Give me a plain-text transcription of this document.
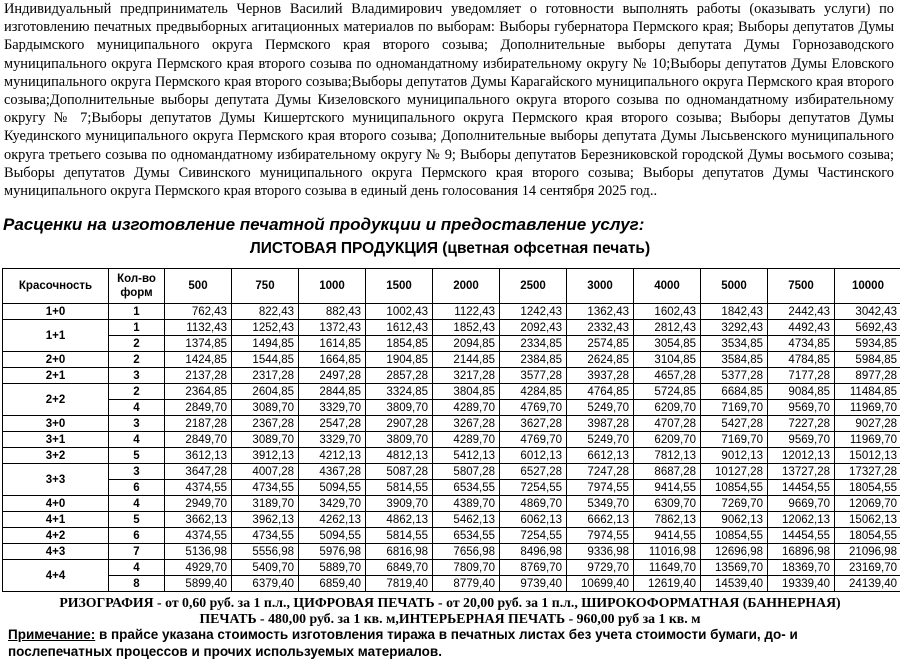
Индивидуальный предприниматель Чернов Василий Владимирович уведомляет о готовности выполнять работы (оказывать услуги) по изготовлению печатных предвыборных агитационных материалов по выборам: Выборы губернатора Пермского края; Выборы депутатов Думы Бардымского муниципального округа Пермского края второго созыва; Дополнительные выборы депутата Думы Горнозаводского муниципального округа Пермского края второго созыва по одномандатному избирательному округу № 10;Выборы депутатов Думы Еловского муниципального округа Пермского края второго созыва;Выборы депутатов Думы Карагайского муниципального округа Пермского края второго созыва;Дополнительные выборы депутата Думы Кизеловского муниципального округа второго созыва по одномандатному избирательному округу № 7;Выборы депутатов Думы Кишертского муниципального округа Пермского края второго созыва; Выборы депутатов Думы Куединского муниципального округа Пермского края второго созыва; Дополнительные выборы депутата Думы Лысьвенского муниципального округа третьего созыва по одномандатному избирательному округу № 9; Выборы депутатов Березниковской городской Думы восьмого созыва; Выборы депутатов Думы Сивинского муниципального округа Пермского края второго созыва; Выборы депутатов Думы Частинского муниципального округа Пермского края второго созыва в единый день голосования 14 сентября 2025 год..
Расценки на изготовление печатной продукции и предоставление услуг:
ЛИСТОВАЯ ПРОДУКЦИЯ (цветная офсетная печать)
Красочность	Кол-во форм	500	750	1000	1500	2000	2500	3000	4000	5000	7500	10000
1+0	1	762,43	822,43	882,43	1002,43	1122,43	1242,43	1362,43	1602,43	1842,43	2442,43	3042,43
1+1	1	1132,43	1252,43	1372,43	1612,43	1852,43	2092,43	2332,43	2812,43	3292,43	4492,43	5692,43
	2	1374,85	1494,85	1614,85	1854,85	2094,85	2334,85	2574,85	3054,85	3534,85	4734,85	5934,85
2+0	2	1424,85	1544,85	1664,85	1904,85	2144,85	2384,85	2624,85	3104,85	3584,85	4784,85	5984,85
2+1	3	2137,28	2317,28	2497,28	2857,28	3217,28	3577,28	3937,28	4657,28	5377,28	7177,28	8977,28
2+2	2	2364,85	2604,85	2844,85	3324,85	3804,85	4284,85	4764,85	5724,85	6684,85	9084,85	11484,85
	4	2849,70	3089,70	3329,70	3809,70	4289,70	4769,70	5249,70	6209,70	7169,70	9569,70	11969,70
3+0	3	2187,28	2367,28	2547,28	2907,28	3267,28	3627,28	3987,28	4707,28	5427,28	7227,28	9027,28
3+1	4	2849,70	3089,70	3329,70	3809,70	4289,70	4769,70	5249,70	6209,70	7169,70	9569,70	11969,70
3+2	5	3612,13	3912,13	4212,13	4812,13	5412,13	6012,13	6612,13	7812,13	9012,13	12012,13	15012,13
3+3	3	3647,28	4007,28	4367,28	5087,28	5807,28	6527,28	7247,28	8687,28	10127,28	13727,28	17327,28
	6	4374,55	4734,55	5094,55	5814,55	6534,55	7254,55	7974,55	9414,55	10854,55	14454,55	18054,55
4+0	4	2949,70	3189,70	3429,70	3909,70	4389,70	4869,70	5349,70	6309,70	7269,70	9669,70	12069,70
4+1	5	3662,13	3962,13	4262,13	4862,13	5462,13	6062,13	6662,13	7862,13	9062,13	12062,13	15062,13
4+2	6	4374,55	4734,55	5094,55	5814,55	6534,55	7254,55	7974,55	9414,55	10854,55	14454,55	18054,55
4+3	7	5136,98	5556,98	5976,98	6816,98	7656,98	8496,98	9336,98	11016,98	12696,98	16896,98	21096,98
4+4	4	4929,70	5409,70	5889,70	6849,70	7809,70	8769,70	9729,70	11649,70	13569,70	18369,70	23169,70
	8	5899,40	6379,40	6859,40	7819,40	8779,40	9739,40	10699,40	12619,40	14539,40	19339,40	24139,40
РИЗОГРАФИЯ - от 0,60 руб. за 1 п.л., ЦИФРОВАЯ ПЕЧАТЬ - от 20,00 руб. за 1 п.л., ШИРОКОФОРМАТНАЯ (БАННЕРНАЯ)
ПЕЧАТЬ - 480,00 руб. за 1 кв. м,ИНТЕРЬЕРНАЯ ПЕЧАТЬ - 960,00 руб за 1 кв. м
Примечание: в прайсе указана стоимость изготовления тиража в печатных листах без учета стоимости бумаги, до- и послепечатных процессов и прочих используемых материалов.
